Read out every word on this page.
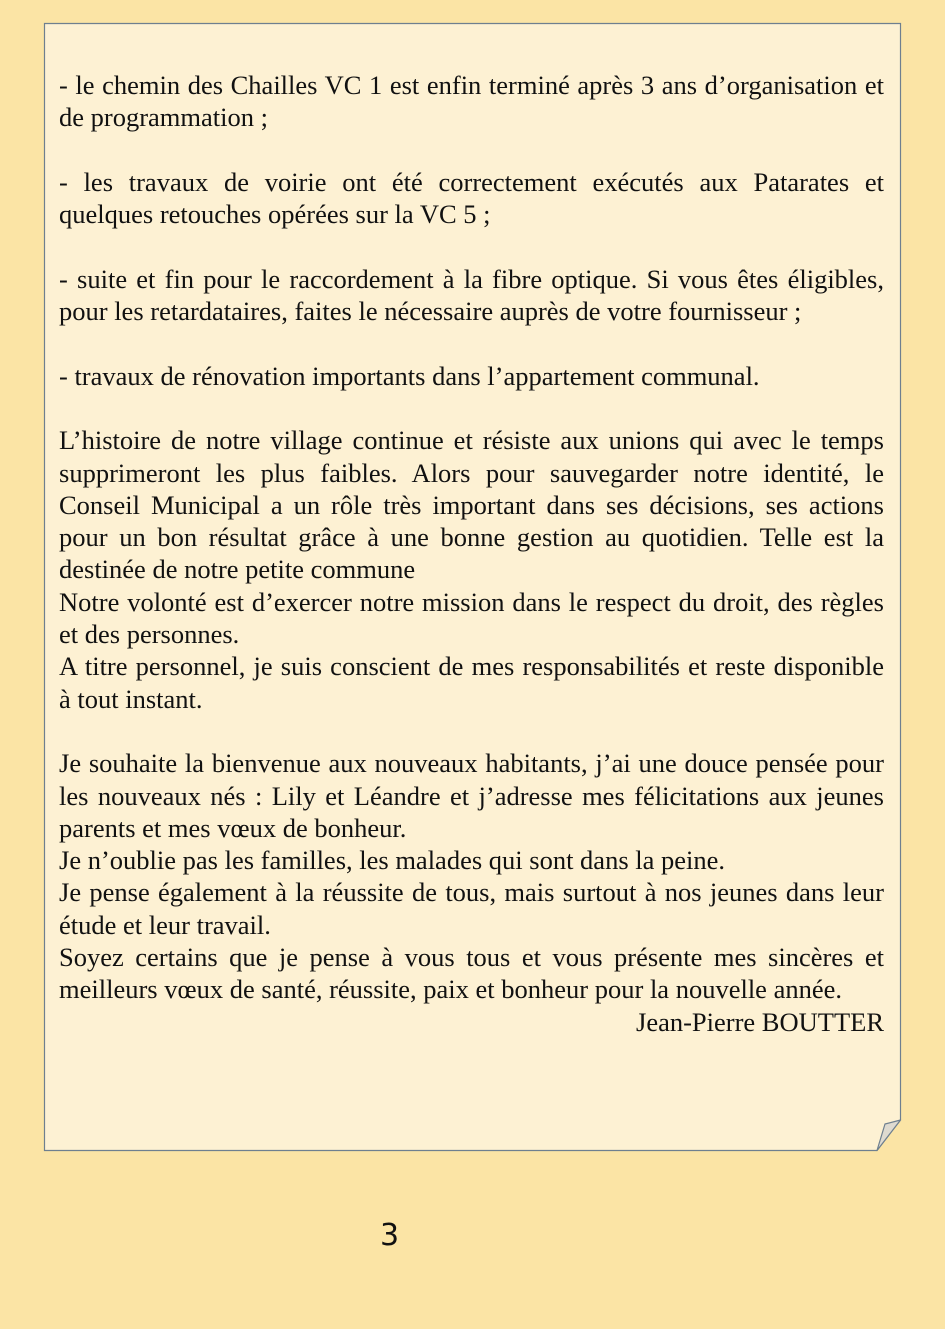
- le chemin des Chailles VC 1 est enfin terminé après 3 ans d’organisation et de programmation ;

- les travaux de voirie ont été correctement exécutés aux Patarates et quelques retouches opérées sur la VC 5 ;

- suite et fin pour le raccordement à la fibre optique. Si vous êtes éligibles, pour les retardataires, faites le nécessaire auprès de votre fournisseur ;

- travaux de rénovation importants dans l’appartement communal.

L’histoire de notre village continue et résiste aux unions qui avec le temps supprimeront les plus faibles. Alors pour sauvegarder notre identité, le Conseil Municipal a un rôle très important dans ses décisions, ses actions pour un bon résultat grâce à une bonne gestion au quotidien. Telle est la destinée de notre petite commune

Notre volonté est d’exercer notre mission dans le respect du droit, des règles et des personnes.

A titre personnel, je suis conscient de mes responsabilités et reste disponible à tout instant.

Je souhaite la bienvenue aux nouveaux habitants, j’ai une douce pensée pour les nouveaux nés : Lily et Léandre et j’adresse mes félicitations aux jeunes parents et mes vœux de bonheur.

Je n’oublie pas les familles, les malades qui sont dans la peine.

Je pense également à la réussite de tous, mais surtout à nos jeunes dans leur étude et leur travail.

Soyez certains que je pense à vous tous et vous présente mes sincères et meilleurs vœux de santé, réussite, paix et bonheur pour la nouvelle année.

Jean-Pierre BOUTTER

3
